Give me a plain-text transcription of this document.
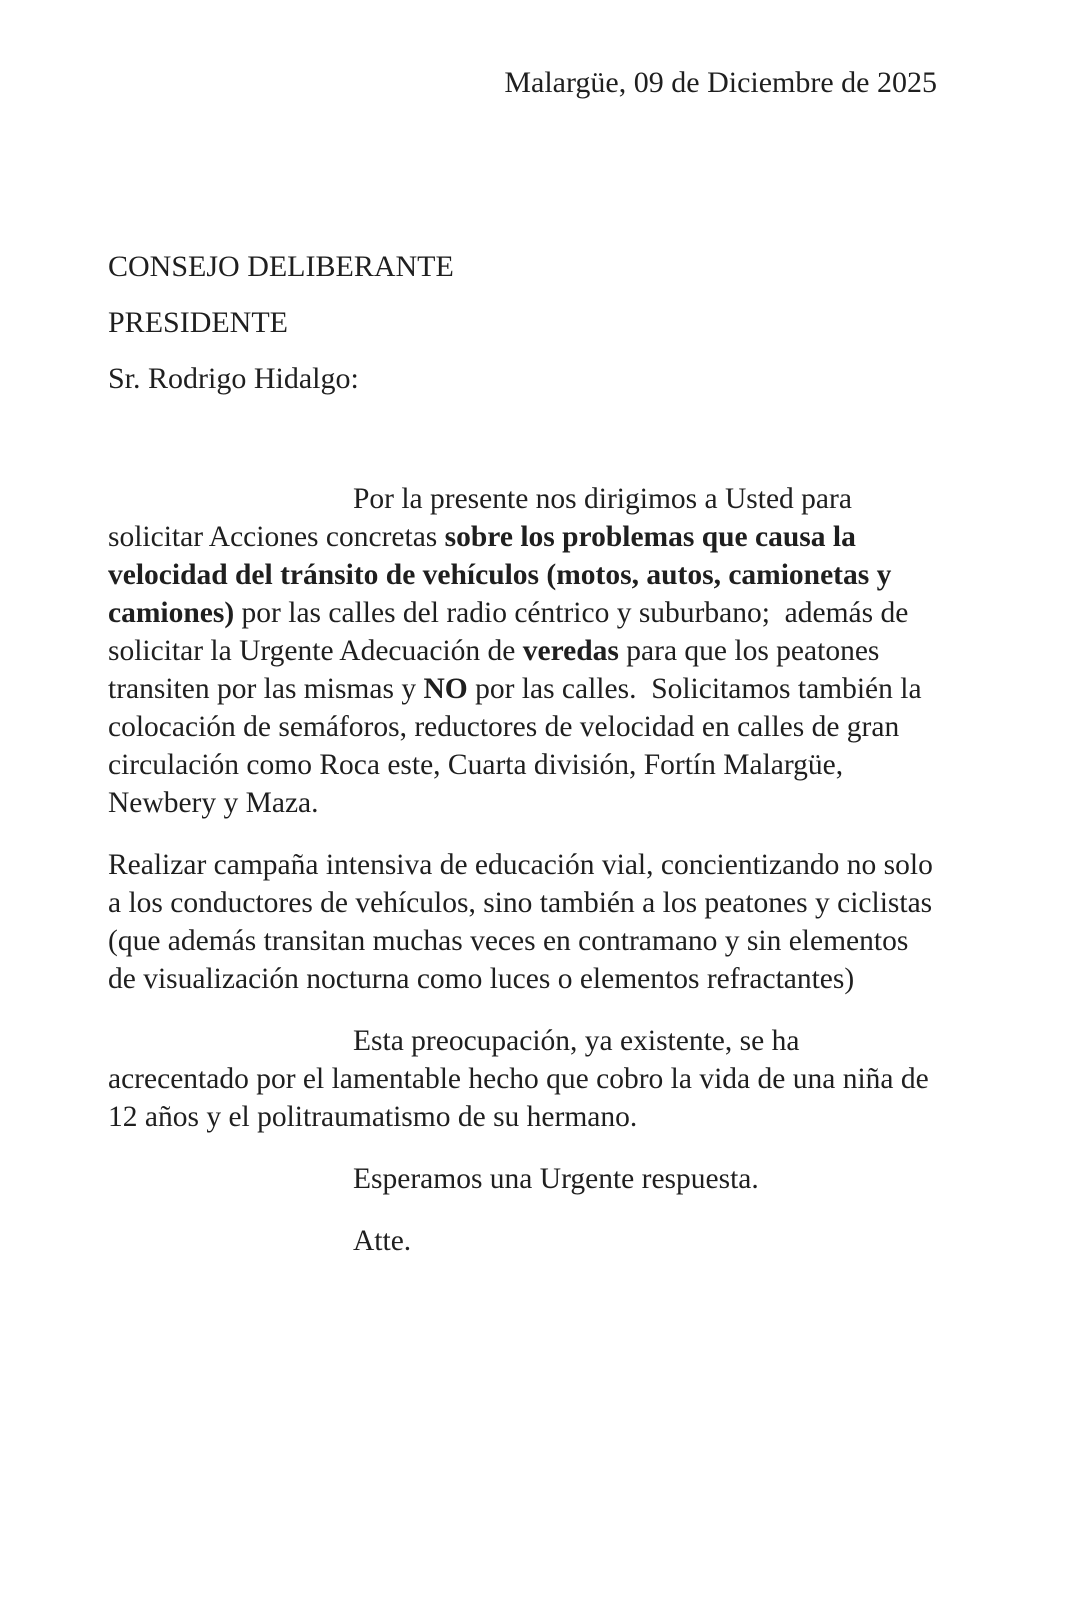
Malargüe, 09 de Diciembre de 2025

CONSEJO DELIBERANTE
PRESIDENTE
Sr. Rodrigo Hidalgo:

Por la presente nos dirigimos a Usted para solicitar Acciones concretas sobre los problemas que causa la velocidad del tránsito de vehículos (motos, autos, camionetas y camiones) por las calles del radio céntrico y suburbano;  además de solicitar la Urgente Adecuación de veredas para que los peatones transiten por las mismas y NO por las calles.  Solicitamos también la colocación de semáforos, reductores de velocidad en calles de gran circulación como Roca este, Cuarta división, Fortín Malargüe,  Newbery y Maza.

Realizar campaña intensiva de educación vial, concientizando no solo a los conductores de vehículos, sino también a los peatones y ciclistas (que además transitan muchas veces en contramano y sin elementos de visualización nocturna como luces o elementos refractantes)

Esta preocupación, ya existente, se ha acrecentado por el lamentable hecho que cobro la vida de una niña de 12 años y el politraumatismo de su hermano.

Esperamos una Urgente respuesta.

Atte.
